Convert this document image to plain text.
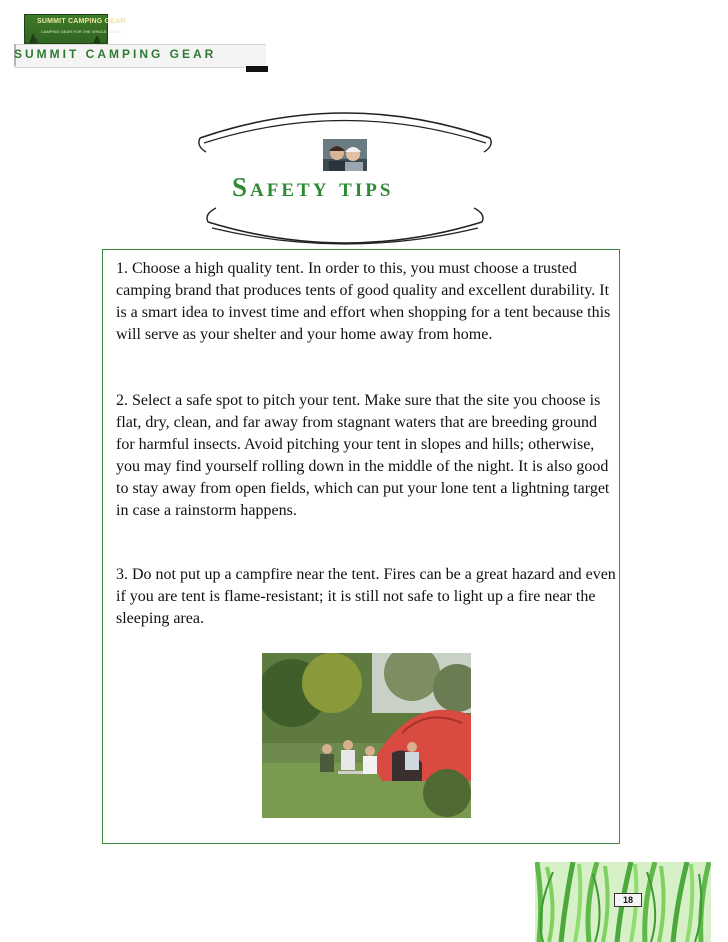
SUMMIT CAMPING GEAR
CAMPING GEAR FOR THE WHOLE FAMILY
SUMMIT CAMPING GEAR
Safety tips

1. Choose a high quality tent. In order to this, you must choose a trusted camping brand that produces tents of good quality and excellent durability. It is a smart idea to invest time and effort when shopping for a tent because this will serve as your shelter and your home away from home.

2. Select a safe spot to pitch your tent. Make sure that the site you choose is flat, dry, clean, and far away from stagnant waters that are breeding ground for harmful insects. Avoid pitching your tent in slopes and hills; otherwise, you may find yourself rolling down in the middle of the night. It is also good to stay away from open fields, which can put your lone tent a lightning target in case a rainstorm happens.

3. Do not put up a campfire near the tent. Fires can be a great hazard and even if you are tent is flame-resistant; it is still not safe to light up a fire near the sleeping area.

18
